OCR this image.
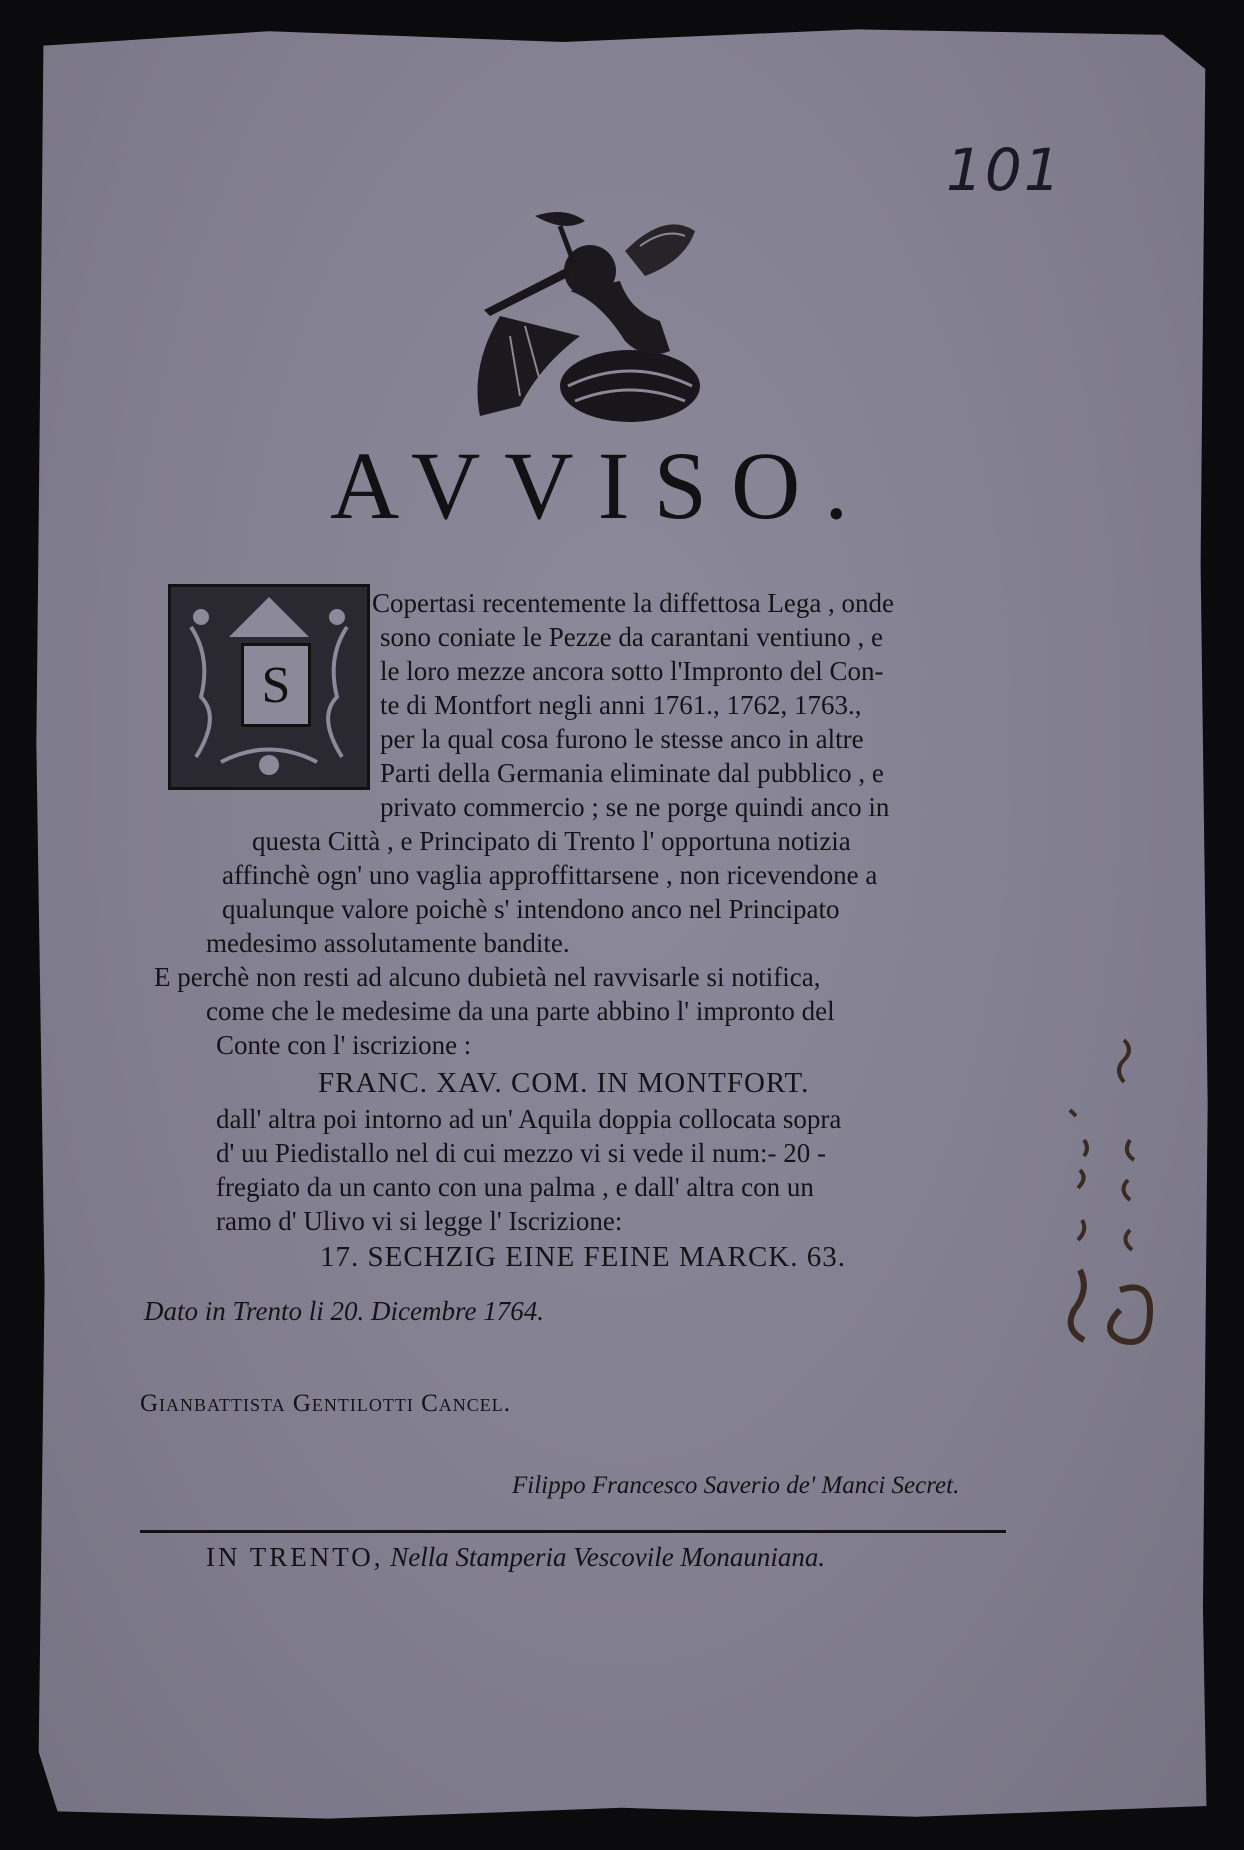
101
AVVISO.
S
Copertasi recentemente la diffettosa Lega , onde
sono coniate le Pezze da carantani ventiuno , e
le loro mezze ancora sotto l'Impronto del Con-
te di Montfort negli anni 1761., 1762, 1763.,
per la qual cosa furono le stesse anco in altre
Parti della Germania eliminate dal pubblico , e
privato commercio ; se ne porge quindi anco in
questa Città , e Principato di Trento l' opportuna notizia
affinchè ogn' uno vaglia approffittarsene , non ricevendone a
qualunque valore poichè s' intendono anco nel Principato
medesimo assolutamente bandite.
E perchè non resti ad alcuno dubietà nel ravvisarle si notifica,
come che le medesime da una parte abbino l' impronto del
Conte con l' iscrizione :
FRANC. XAV. COM. IN MONTFORT.
dall' altra poi intorno ad un' Aquila doppia collocata sopra
d' uu Piedistallo nel di cui mezzo vi si vede il num:- 20 -
fregiato da un canto con una palma , e dall' altra con un
ramo d' Ulivo vi si legge l' Iscrizione:
17. SECHZIG EINE FEINE MARCK. 63.
Dato in Trento li 20. Dicembre 1764.
Gianbattista Gentilotti Cancel.
Filippo Francesco Saverio de' Manci Secret.
IN TRENTO, Nella Stamperia Vescovile Monauniana.
